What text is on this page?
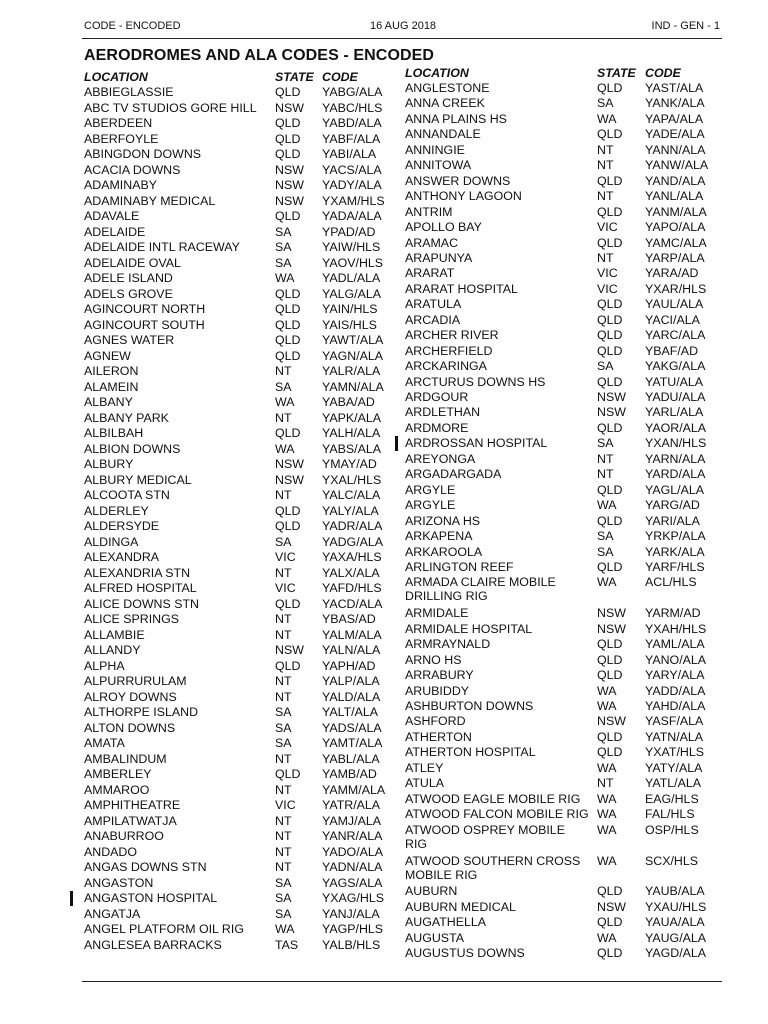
CODE - ENCODED	16 AUG 2018	IND - GEN - 1
AERODROMES AND ALA CODES - ENCODED
LOCATION	STATE CODE
ABBIEGLASSIE	QLD YABG/ALA
ABC TV STUDIOS GORE HILL NSW YABC/HLS
ABERDEEN	QLD YABD/ALA
ABERFOYLE	QLD YABF/ALA
ABINGDON DOWNS	QLD YABI/ALA
ACACIA DOWNS	NSW YACS/ALA
ADAMINABY	NSW YADY/ALA
ADAMINABY MEDICAL	NSW YXAM/HLS
ADAVALE	QLD YADA/ALA
ADELAIDE	SA YPAD/AD
ADELAIDE INTL RACEWAY	SA YAIW/HLS
ADELAIDE OVAL	SA YAOV/HLS
ADELE ISLAND	WA YADL/ALA
ADELS GROVE	QLD YALG/ALA
AGINCOURT NORTH	QLD YAIN/HLS
AGINCOURT SOUTH	QLD YAIS/HLS
AGNES WATER	QLD YAWT/ALA
AGNEW	QLD YAGN/ALA
AILERON	NT YALR/ALA
ALAMEIN	SA YAMN/ALA
ALBANY	WA YABA/AD
ALBANY PARK	NT YAPK/ALA
ALBILBAH	QLD YALH/ALA
ALBION DOWNS	WA YABS/ALA
ALBURY	NSW YMAY/AD
ALBURY MEDICAL	NSW YXAL/HLS
ALCOOTA STN	NT YALC/ALA
ALDERLEY	QLD YALY/ALA
ALDERSYDE	QLD YADR/ALA
ALDINGA	SA YADG/ALA
ALEXANDRA	VIC YAXA/HLS
ALEXANDRIA STN	NT YALX/ALA
ALFRED HOSPITAL	VIC YAFD/HLS
ALICE DOWNS STN	QLD YACD/ALA
ALICE SPRINGS	NT YBAS/AD
ALLAMBIE	NT YALM/ALA
ALLANDY	NSW YALN/ALA
ALPHA	QLD YAPH/AD
ALPURRURULAM	NT YALP/ALA
ALROY DOWNS	NT YALD/ALA
ALTHORPE ISLAND	SA YALT/ALA
ALTON DOWNS	SA YADS/ALA
AMATA	SA YAMT/ALA
AMBALINDUM	NT YABL/ALA
AMBERLEY	QLD YAMB/AD
AMMAROO	NT YAMM/ALA
AMPHITHEATRE	VIC YATR/ALA
AMPILATWATJA	NT YAMJ/ALA
ANABURROO	NT YANR/ALA
ANDADO	NT YADO/ALA
ANGAS DOWNS STN	NT YADN/ALA
ANGASTON	SA YAGS/ALA
ANGASTON HOSPITAL	SA YXAG/HLS
ANGATJA	SA YANJ/ALA
ANGEL PLATFORM OIL RIG	WA YAGP/HLS
ANGLESEA BARRACKS	TAS YALB/HLS
LOCATION	STATE CODE
ANGLESTONE	QLD YAST/ALA
ANNA CREEK	SA	YANK/ALA
ANNA PLAINS HS	WA YAPA/ALA
ANNANDALE	QLD YADE/ALA
ANNINGIE	NT	YANN/ALA
ANNITOWA	NT	YANW/ALA
ANSWER DOWNS	QLD YAND/ALA
ANTHONY LAGOON	NT	YANL/ALA
ANTRIM	QLD YANM/ALA
APOLLO BAY	VIC YAPO/ALA
ARAMAC	QLD YAMC/ALA
ARAPUNYA	NT	YARP/ALA
ARARAT	VIC YARA/AD
ARARAT HOSPITAL	VIC YXAR/HLS
ARATULA	QLD YAUL/ALA
ARCADIA	QLD YACI/ALA
ARCHER RIVER	QLD YARC/ALA
ARCHERFIELD	QLD YBAF/AD
ARCKARINGA	SA	YAKG/ALA
ARCTURUS DOWNS HS	QLD YATU/ALA
ARDGOUR	NSW YADU/ALA
ARDLETHAN	NSW YARL/ALA
ARDMORE	QLD YAOR/ALA
ARDROSSAN HOSPITAL	SA	YXAN/HLS
AREYONGA	NT	YARN/ALA
ARGADARGADA	NT	YARD/ALA
ARGYLE	QLD YAGL/ALA
ARGYLE	WA YARG/AD
ARIZONA HS	QLD YARI/ALA
ARKAPENA	SA	YRKP/ALA
ARKAROOLA	SA	YARK/ALA
ARLINGTON REEF	QLD YARF/HLS
ARMADA CLAIRE MOBILE	WA ACL/HLS
DRILLING RIG
ARMIDALE	NSW YARM/AD
ARMIDALE HOSPITAL	NSW YXAH/HLS
ARMRAYNALD	QLD YAML/ALA
ARNO HS	QLD YANO/ALA
ARRABURY	QLD YARY/ALA
ARUBIDDY	WA YADD/ALA
ASHBURTON DOWNS	WA YAHD/ALA
ASHFORD	NSW YASF/ALA
ATHERTON	QLD YATN/ALA
ATHERTON HOSPITAL	QLD YXAT/HLS
ATLEY	WA YATY/ALA
ATULA	NT	YATL/ALA
ATWOOD EAGLE MOBILE RIG WA EAG/HLS
ATWOOD FALCON MOBILE RIG WA FAL/HLS
ATWOOD OSPREY MOBILE	WA OSP/HLS
RIG
ATWOOD SOUTHERN CROSS WA SCX/HLS
MOBILE RIG
AUBURN	QLD YAUB/ALA
AUBURN MEDICAL	NSW YXAU/HLS
AUGATHELLA	QLD YAUA/ALA
AUGUSTA	WA YAUG/ALA
AUGUSTUS DOWNS	QLD YAGD/ALA
